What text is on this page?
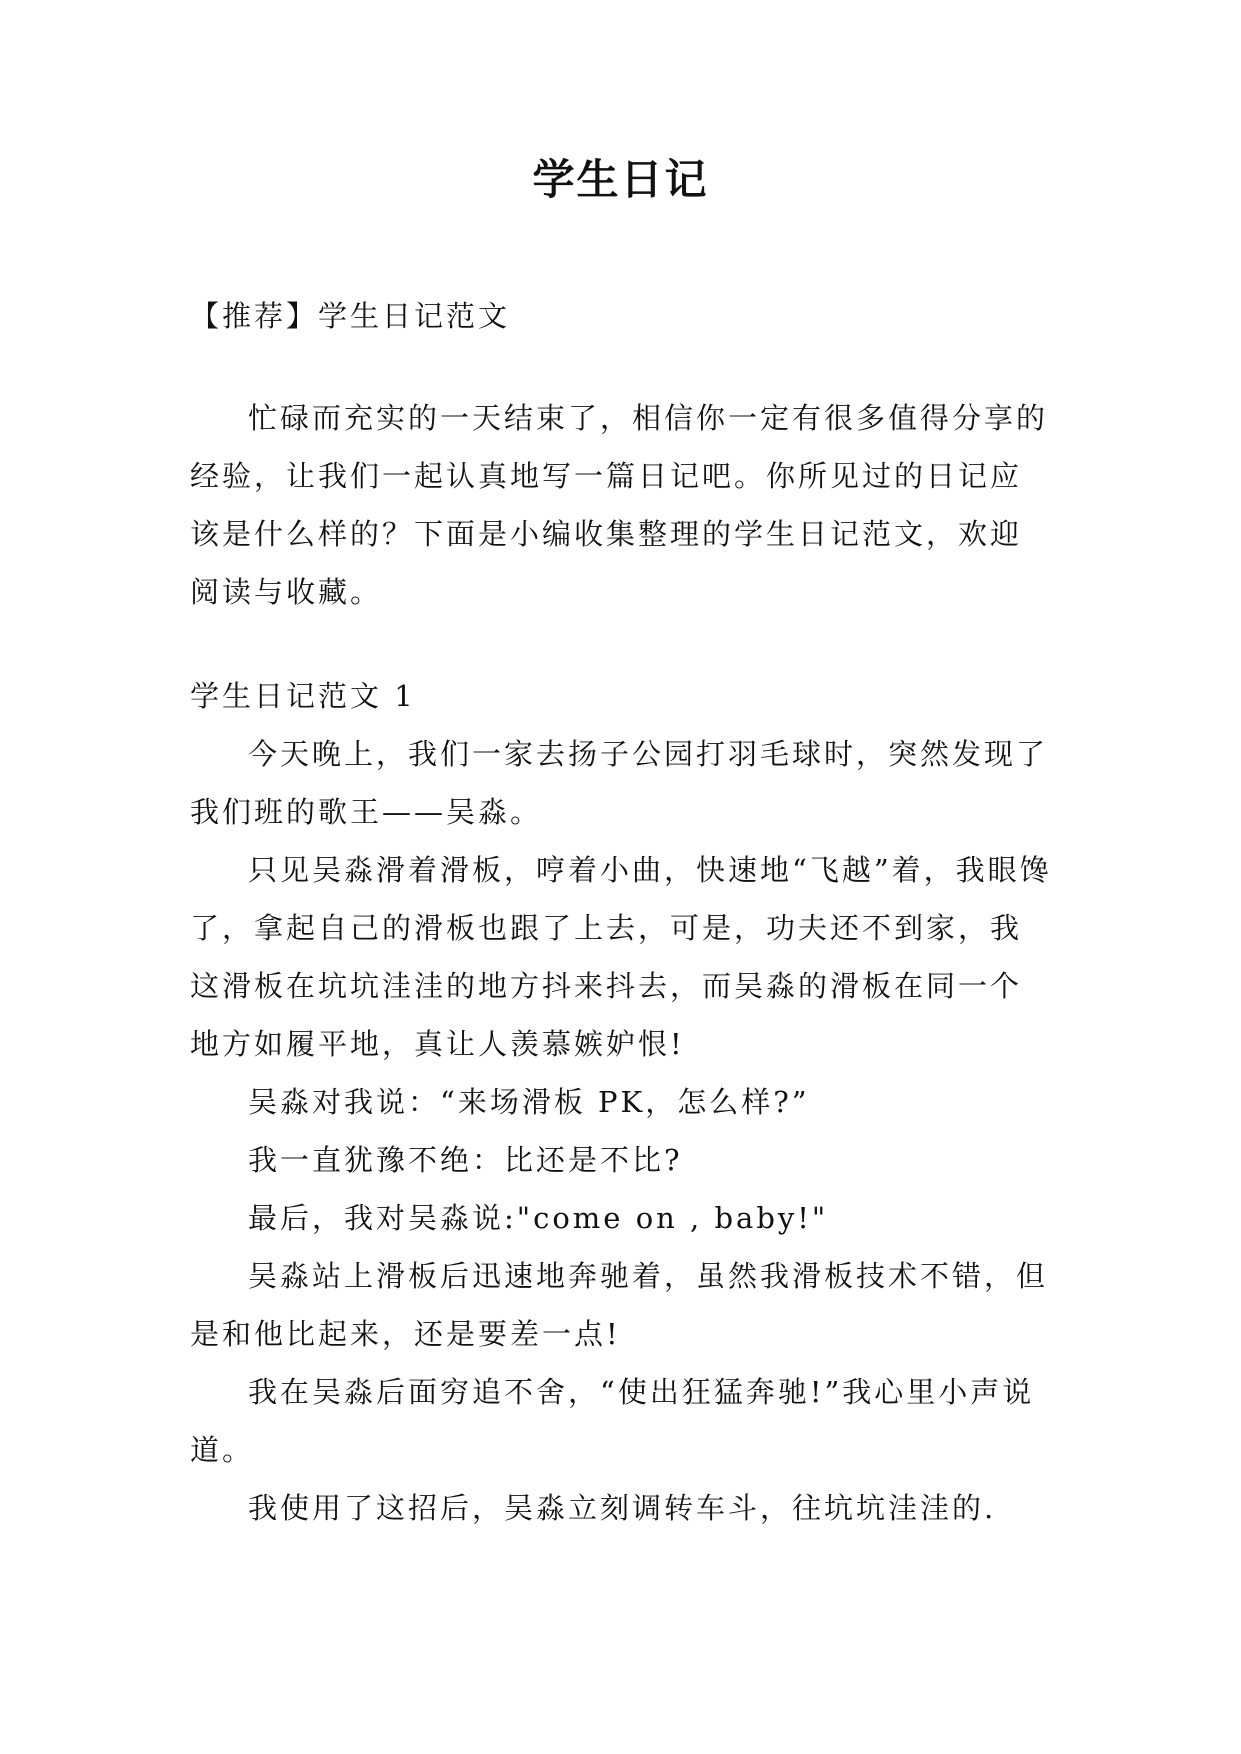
学生日记

【推荐】学生日记范文

忙碌而充实的一天结束了，相信你一定有很多值得分享的经验，让我们一起认真地写一篇日记吧。你所见过的日记应该是什么样的？下面是小编收集整理的学生日记范文，欢迎阅读与收藏。

学生日记范文 1

今天晚上，我们一家去扬子公园打羽毛球时，突然发现了我们班的歌王——吴淼。

只见吴淼滑着滑板，哼着小曲，快速地“飞越”着，我眼馋了，拿起自己的滑板也跟了上去，可是，功夫还不到家，我这滑板在坑坑洼洼的地方抖来抖去，而吴淼的滑板在同一个地方如履平地，真让人羡慕嫉妒恨!

吴淼对我说：“来场滑板 PK，怎么样?”

我一直犹豫不绝：比还是不比?

最后，我对吴淼说:"come on , baby!"

吴淼站上滑板后迅速地奔驰着，虽然我滑板技术不错，但是和他比起来，还是要差一点!

我在吴淼后面穷追不舍，“使出狂猛奔驰!”我心里小声说道。

我使用了这招后，吴淼立刻调转车斗，往坑坑洼洼的.
